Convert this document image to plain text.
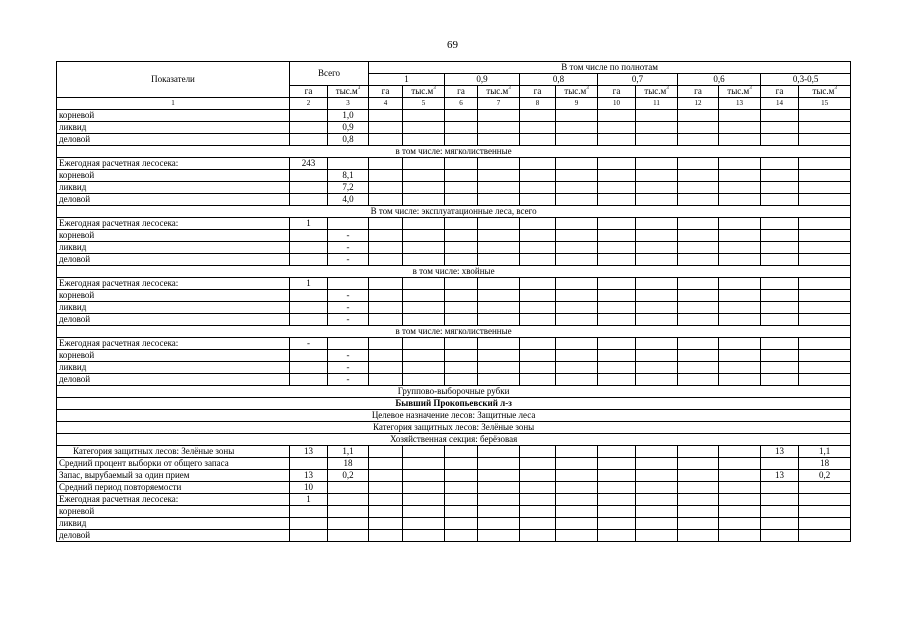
69
Показатели	Всего		В том числе по полнотам											
			1		0,9		0,8		0,7		0,6		0,3-0,5	
	га	$тыс.м^3$	га	$тыс.м^3$	га	$тыс.м^3$	га	$тыс.м^3$	га	$тыс.м^3$	га	$тыс.м^3$	га	$тыс.м^3$
1	2	3	4	5	6	7	8	9	10	11	12	13	14	15
корневой		1,0												
ликвид		0,9												
деловой		0,8												
в том числе: мягколиственные														
Ежегодная расчетная лесосека:	243													
корневой		8,1												
ликвид		7,2												
деловой		4,0												
В том числе: эксплуатационные леса, всего														
Ежегодная расчетная лесосека:	1													
корневой		-												
ликвид		-												
деловой		-												
в том числе: хвойные														
Ежегодная расчетная лесосека:	1													
корневой		-												
ликвид		-												
деловой		-												
в том числе: мягколиственные														
Ежегодная расчетная лесосека:	-													
корневой		-												
ликвид		-												
деловой		-												
Группово-выборочные рубки														
Бывший Прокопьевский л-з														
Целевое назначение лесов: Защитные леса														
Категория защитных лесов: Зелёные зоны														
Хозяйственная секция: берёзовая														
Категория защитных лесов: Зелёные зоны	13	1,1											13	1,1
Средний процент выборки от общего запаса		18												18
Запас, вырубаемый за один прием	13	0,2											13	0,2
Средний период повторяемости	10													
Ежегодная расчетная лесосека:	1													
корневой														
ликвид														
деловой														
